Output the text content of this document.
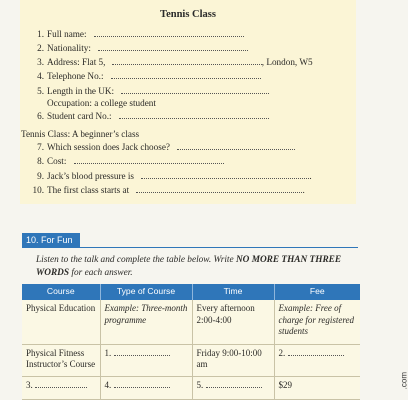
Tennis Class
1. Full name:
2. Nationality:
3. Address: Flat 5,	, London, W5
4. Telephone No.:
5. Length in the UK:
Occupation: a college student
6. Student card No.:
Tennis Class: A beginner’s class
7. Which session does Jack choose?
8. Cost:
9. Jack’s blood pressure is	.
10. The first class starts at	.
10. For Fun
Listen to the talk and complete the table below. Write NO MORE THAN THREE WORDS for each answer.
Course	Type of Course	Time	Fee
Physical Education	Example: Three-month programme	Every afternoon 2:00-4:00	Example: Free of charge for registered students
Physical Fitness Instructor’s Course	1.	Friday 9:00-10:00 am	2.
3.	4.	5.	$29	.com
